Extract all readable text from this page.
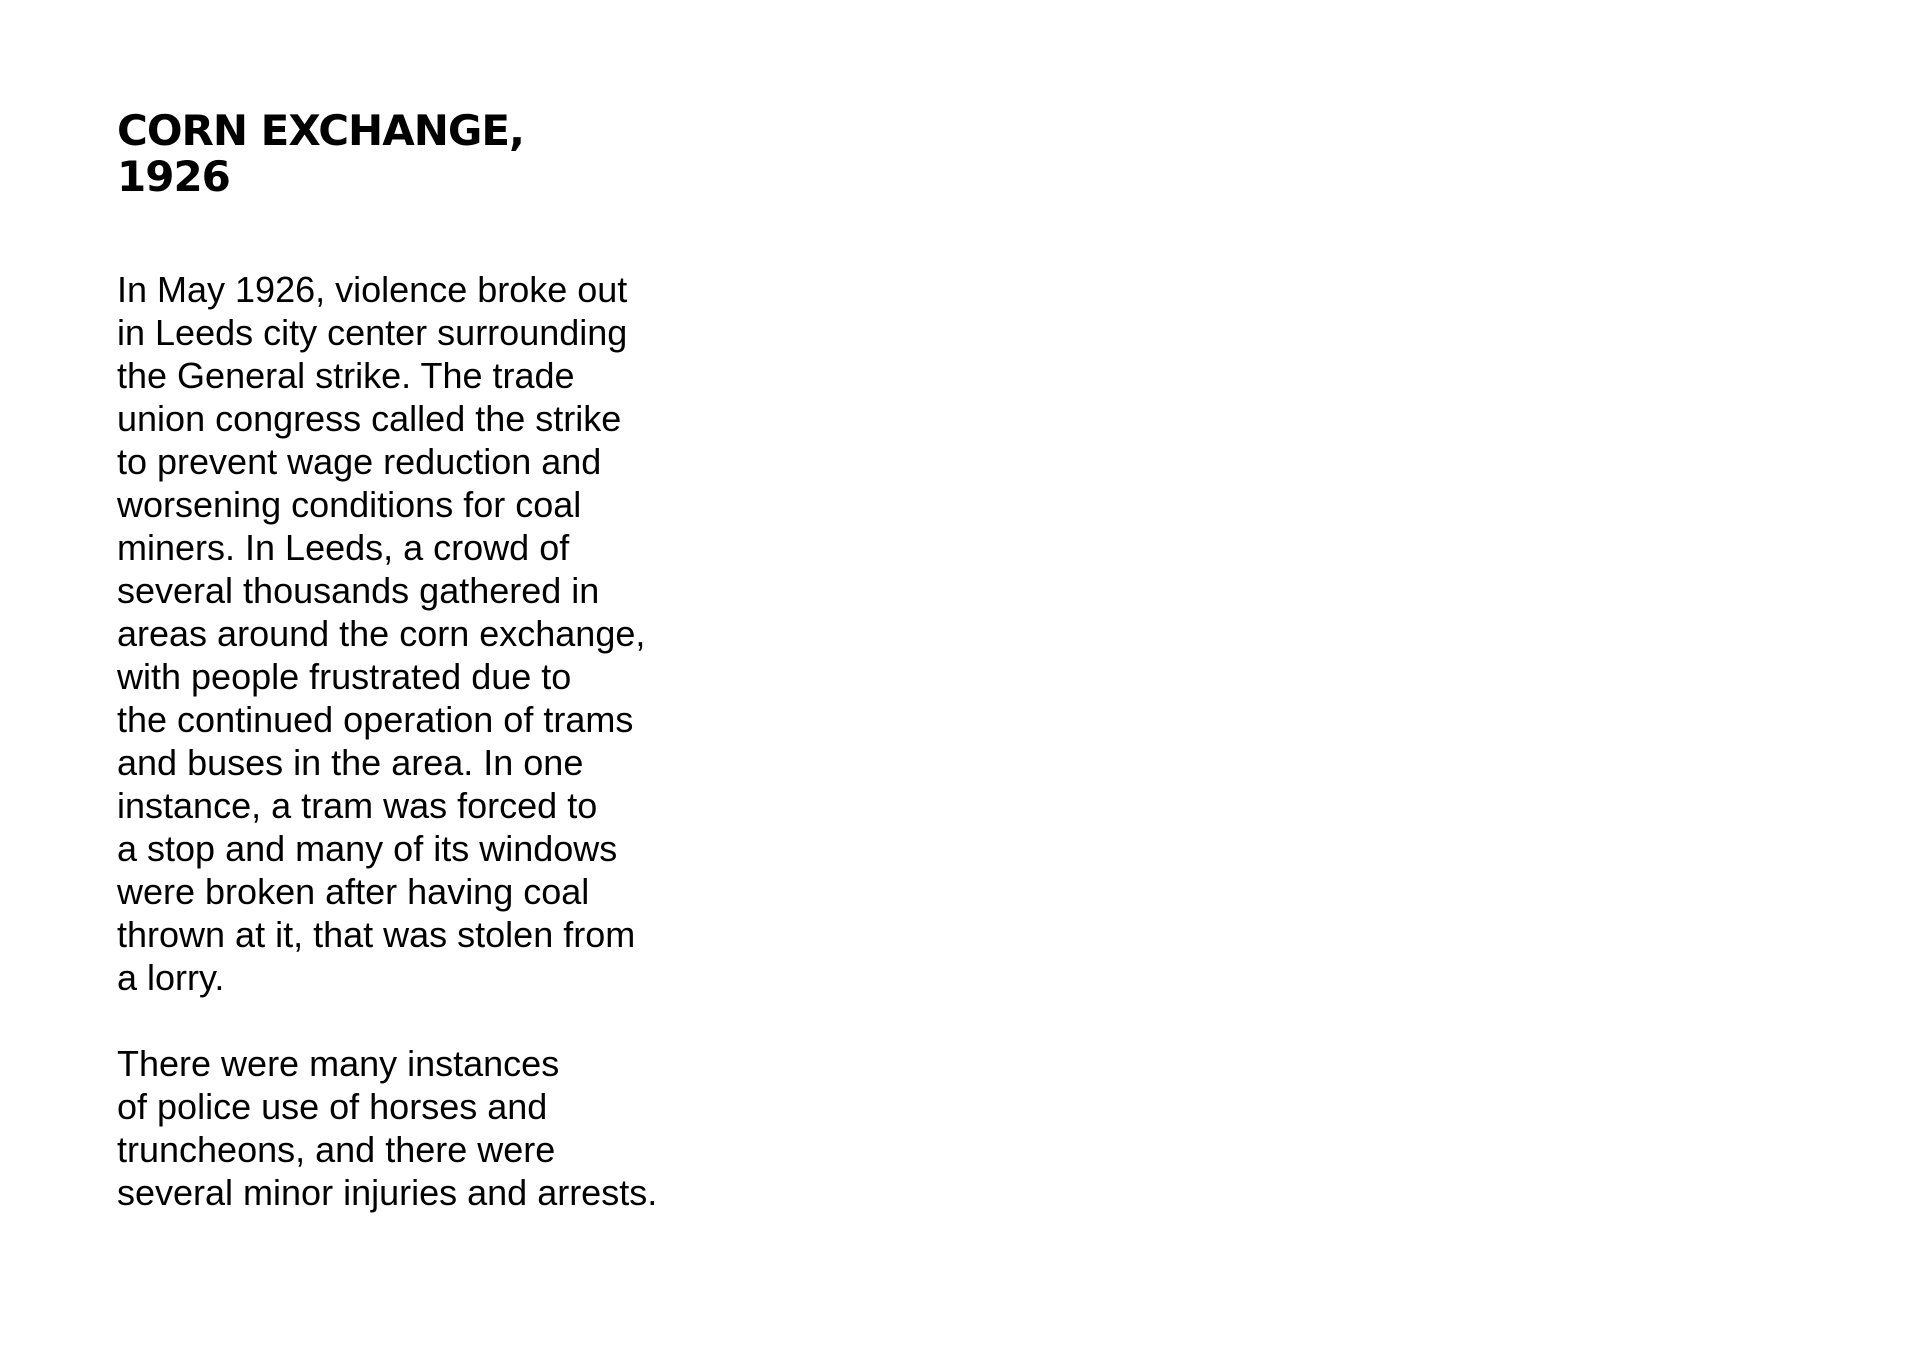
CORN EXCHANGE,
1926

In May 1926, violence broke out
in Leeds city center surrounding
the General strike. The trade
union congress called the strike
to prevent wage reduction and
worsening conditions for coal
miners. In Leeds, a crowd of
several thousands gathered in
areas around the corn exchange,
with people frustrated due to
the continued operation of trams
and buses in the area. In one
instance, a tram was forced to
a stop and many of its windows
were broken after having coal
thrown at it, that was stolen from
a lorry.

There were many instances
of police use of horses and
truncheons, and there were
several minor injuries and arrests.
